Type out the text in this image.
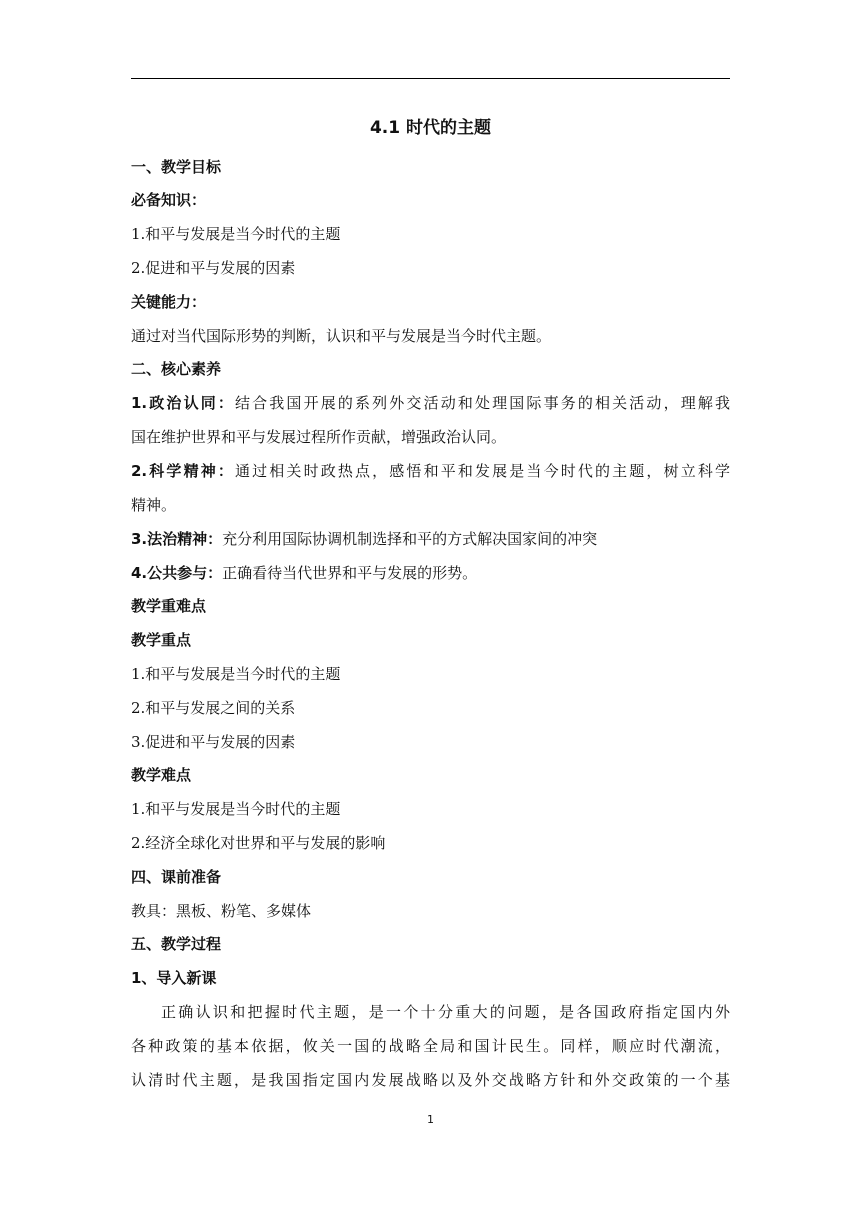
4.1 时代的主题
一、教学目标
必备知识：
1.和平与发展是当今时代的主题
2.促进和平与发展的因素
关键能力：
通过对当代国际形势的判断，认识和平与发展是当今时代主题。
二、核心素养
1.政治认同：结合我国开展的系列外交活动和处理国际事务的相关活动，理解我
国在维护世界和平与发展过程所作贡献，增强政治认同。
2.科学精神：通过相关时政热点，感悟和平和发展是当今时代的主题，树立科学
精神。
3.法治精神：充分利用国际协调机制选择和平的方式解决国家间的冲突
4.公共参与：正确看待当代世界和平与发展的形势。
教学重难点
教学重点
1.和平与发展是当今时代的主题
2.和平与发展之间的关系
3.促进和平与发展的因素
教学难点
1.和平与发展是当今时代的主题
2.经济全球化对世界和平与发展的影响
四、课前准备
教具：黑板、粉笔、多媒体
五、教学过程
1、导入新课
正确认识和把握时代主题，是一个十分重大的问题，是各国政府指定国内外
各种政策的基本依据，攸关一国的战略全局和国计民生。同样，顺应时代潮流，
认清时代主题，是我国指定国内发展战略以及外交战略方针和外交政策的一个基
1
